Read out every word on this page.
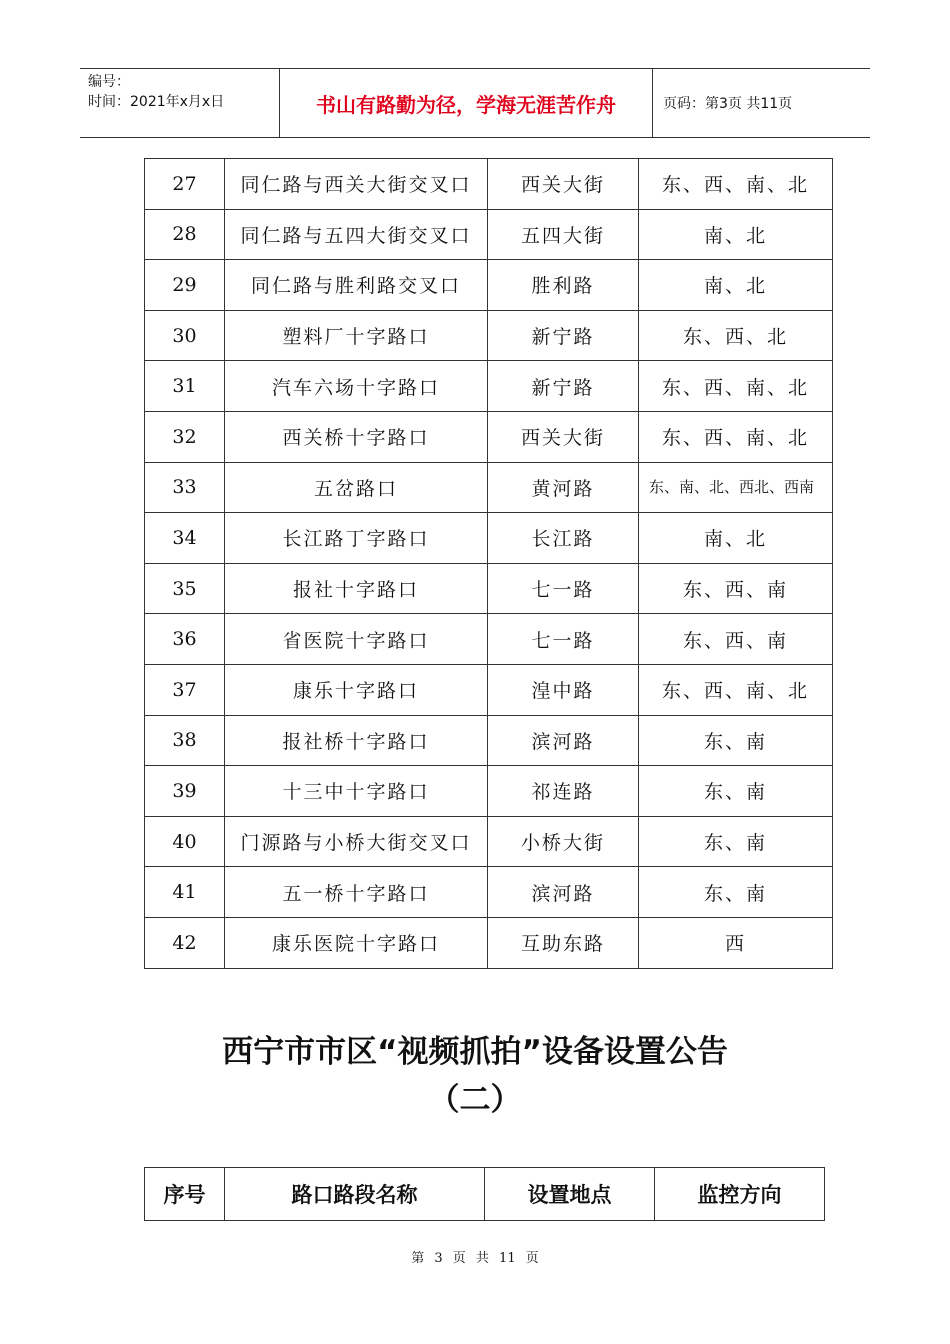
编号：
时间：2021年x月x日	书山有路勤为径，学海无涯苦作舟	页码：第3页 共11页
27	同仁路与西关大街交叉口	西关大街	东、西、南、北
28	同仁路与五四大街交叉口	五四大街	南、北
29	同仁路与胜利路交叉口	胜利路	南、北
30	塑料厂十字路口	新宁路	东、西、北
31	汽车六场十字路口	新宁路	东、西、南、北
32	西关桥十字路口	西关大街	东、西、南、北
33	五岔路口	黄河路	东、南、北、西北、西南
34	长江路丁字路口	长江路	南、北
35	报社十字路口	七一路	东、西、南
36	省医院十字路口	七一路	东、西、南
37	康乐十字路口	湟中路	东、西、南、北
38	报社桥十字路口	滨河路	东、南
39	十三中十字路口	祁连路	东、南
40	门源路与小桥大街交叉口	小桥大街	东、南
41	五一桥十字路口	滨河路	东、南
42	康乐医院十字路口	互助东路	西
西宁市市区“视频抓拍”设备设置公告
（二）
序号	路口路段名称	设置地点	监控方向
第 3 页 共 11 页
